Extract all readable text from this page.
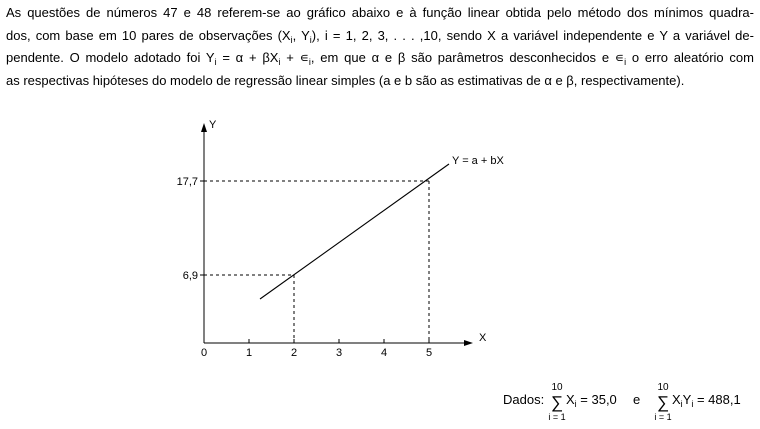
As questões de números 47 e 48 referem-se ao gráfico abaixo e à função linear obtida pelo método dos mínimos quadra-
dos, com base em 10 pares de observações ($X_i$, $Y_i$), i = 1, 2, 3, . . . ,10, sendo X a variável independente e Y a variável de-
pendente. O modelo adotado foi $Y_i = \alpha + \beta X_i$ + $∊_i$, em que α e β são parâmetros desconhecidos e $∊_i$ o erro aleatório com
as respectivas hipóteses do modelo de regressão linear simples (a e b são as estimativas de α e β, respectivamente).
Y
X
0	1	2	3	4	5
6,9
17,7
Y = a + bX
Dados:
10
∑
i = 1
$X_i = 35,0$ e
10
∑
i = 1
$X_iY_i = 488,1$
